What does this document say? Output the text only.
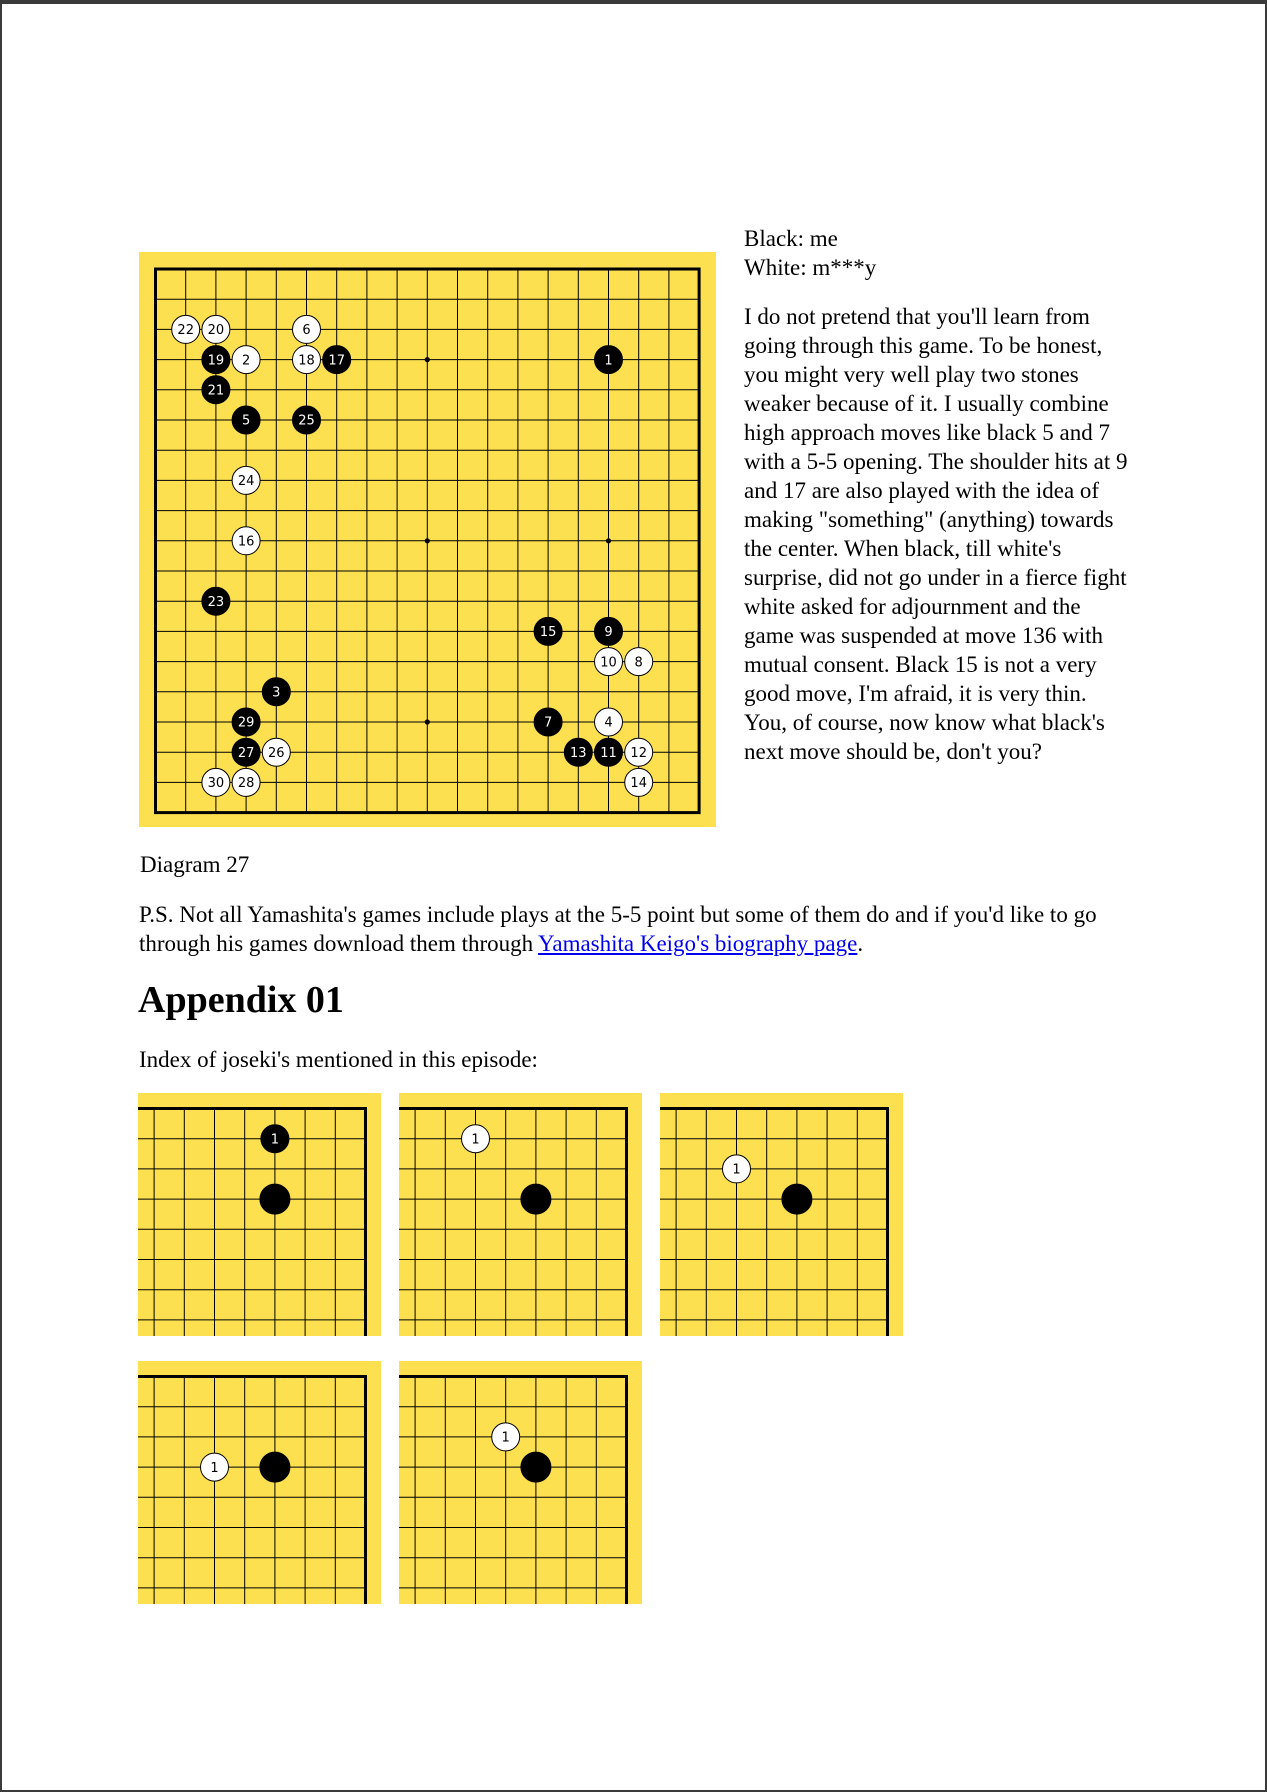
22 20	6
19 2	18 17	1
21
5	25
24
16
23
15	9
10 8
3
29	7	4
27 26	13 11 12
30 28	14
Black: me
White: m***y
I do not pretend that you'll learn from going through this game. To be honest, you might very well play two stones weaker because of it. I usually combine high approach moves like black 5 and 7 with a 5-5 opening. The shoulder hits at 9 and 17 are also played with the idea of making "something" (anything) towards the center. When black, till white's surprise, did not go under in a fierce fight white asked for adjournment and the game was suspended at move 136 with mutual consent. Black 15 is not a very good move, I'm afraid, it is very thin. You, of course, now know what black's next move should be, don't you?
Diagram 27
P.S. Not all Yamashita's games include plays at the 5-5 point but some of them do and if you'd like to go through his games download them through Yamashita Keigo's biography page.
Appendix 01
Index of joseki's mentioned in this episode:
1	1
1
1
1
